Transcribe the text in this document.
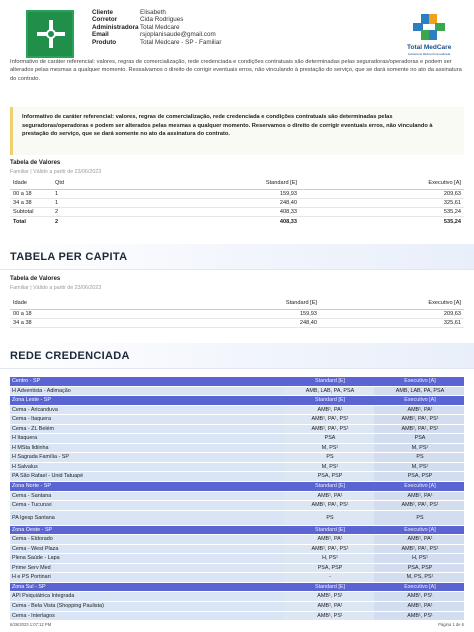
Cliente	Elisabeth
Corretor	Cida Rodrigues
Administradora Total Medcare
Email	rsjoplanisaude@gmail.com
Produto	Total Medcare - SP - Familiar
Total MedCare
Assistência Médica Personalizada
Informativo de caráter referencial: valores, regras de comercialização, rede credenciada e condições contratuais são determinadas pelas seguradoras/operadoras e podem ser alterados pelas mesmas a qualquer momento. Ressalvamos o direito de corrigir eventuais erros, não vinculando à prestação do serviço, que se dará somente no ato da assinatura do contrato.
Informativo de caráter referencial: valores, regras de comercialização, rede credenciada e condições contratuais são determinadas pelas seguradoras/operadoras e podem ser alterados pelas mesmas a qualquer momento. Reservamos o direito de corrigir eventuais erros, não vinculando à prestação do serviço, que se dará somente no ato da assinatura do contrato.
Tabela de Valores
Familiar | Válido a partir de 23/06/2023
Idade	Qtd	Standard [E]	Executivo [A]
00 a 18	1	159,93	209,63
34 a 38	1	248,40	325,61
Subtotal	2	408,33	535,24
Total	2	408,33	535,24
TABELA PER CAPITA
Tabela de Valores
Familiar | Válido a partir de 23/06/2023
Idade	Standard [E]	Executivo [A]
00 a 18	159,93	209,63
34 a 38	248,40	325,61
REDE CREDENCIADA
Centro - SP	Standard [E]	Executivo [A]
H Adventista - Adimação	AMB, LAB, PA, PSA	AMB, LAB, PA, PSA
Zona Leste - SP	Standard [E]	Executivo [A]
Cema - Aricanduva	AMB¹, PA¹	AMB¹, PA¹
Cema - Itaquera	AMB¹, PA¹, PS¹	AMB¹, PA¹, PS¹
Cema - ZL Belém	AMB¹, PA¹, PS¹	AMB¹, PA¹, PS¹
H Itaquera	PSA	PSA
H MSta Ildiinha	M, PS¹	M, PS¹
H Sagrada Família - SP	PS	PS
H Salvalus	M, PS¹	M, PS¹
PA São Rafael - Unid Tatuapé	PSA, PSP	PSA, PSP
Zona Norte - SP	Standard [E]	Executivo [A]
Cema - Santana	AMB¹, PA¹	AMB¹, PA¹
Cema - Tucuruvi	AMB¹, PA¹, PS¹	AMB¹, PA¹, PS¹
PA Igesp Santana	PS	PS
Zona Oeste - SP	Standard [E]	Executivo [A]
Cema - Eldorado	AMB¹, PA¹	AMB¹, PA¹
Cema - West Plaza	AMB¹, PA¹, PS¹	AMB¹, PA¹, PS¹
Plena Saúde - Lapa	H, PS¹	H, PS¹
Prime Serv Med	PSA, PSP	PSA, PSP
H e PS Portinari	-	M, PS, PS¹
Zona Sul - SP	Standard [E]	Executivo [A]
API Psiquiátrica Integrada	AMB¹, PS¹	AMB¹, PS¹
Cema - Bela Vista (Shopping Paulista)	AMB¹, PA¹	AMB¹, PA¹
Cema - Interlagos	AMB¹, PS¹	AMB¹, PS¹
6/26/2023 1:07:12 PM	Página 1 de 6
